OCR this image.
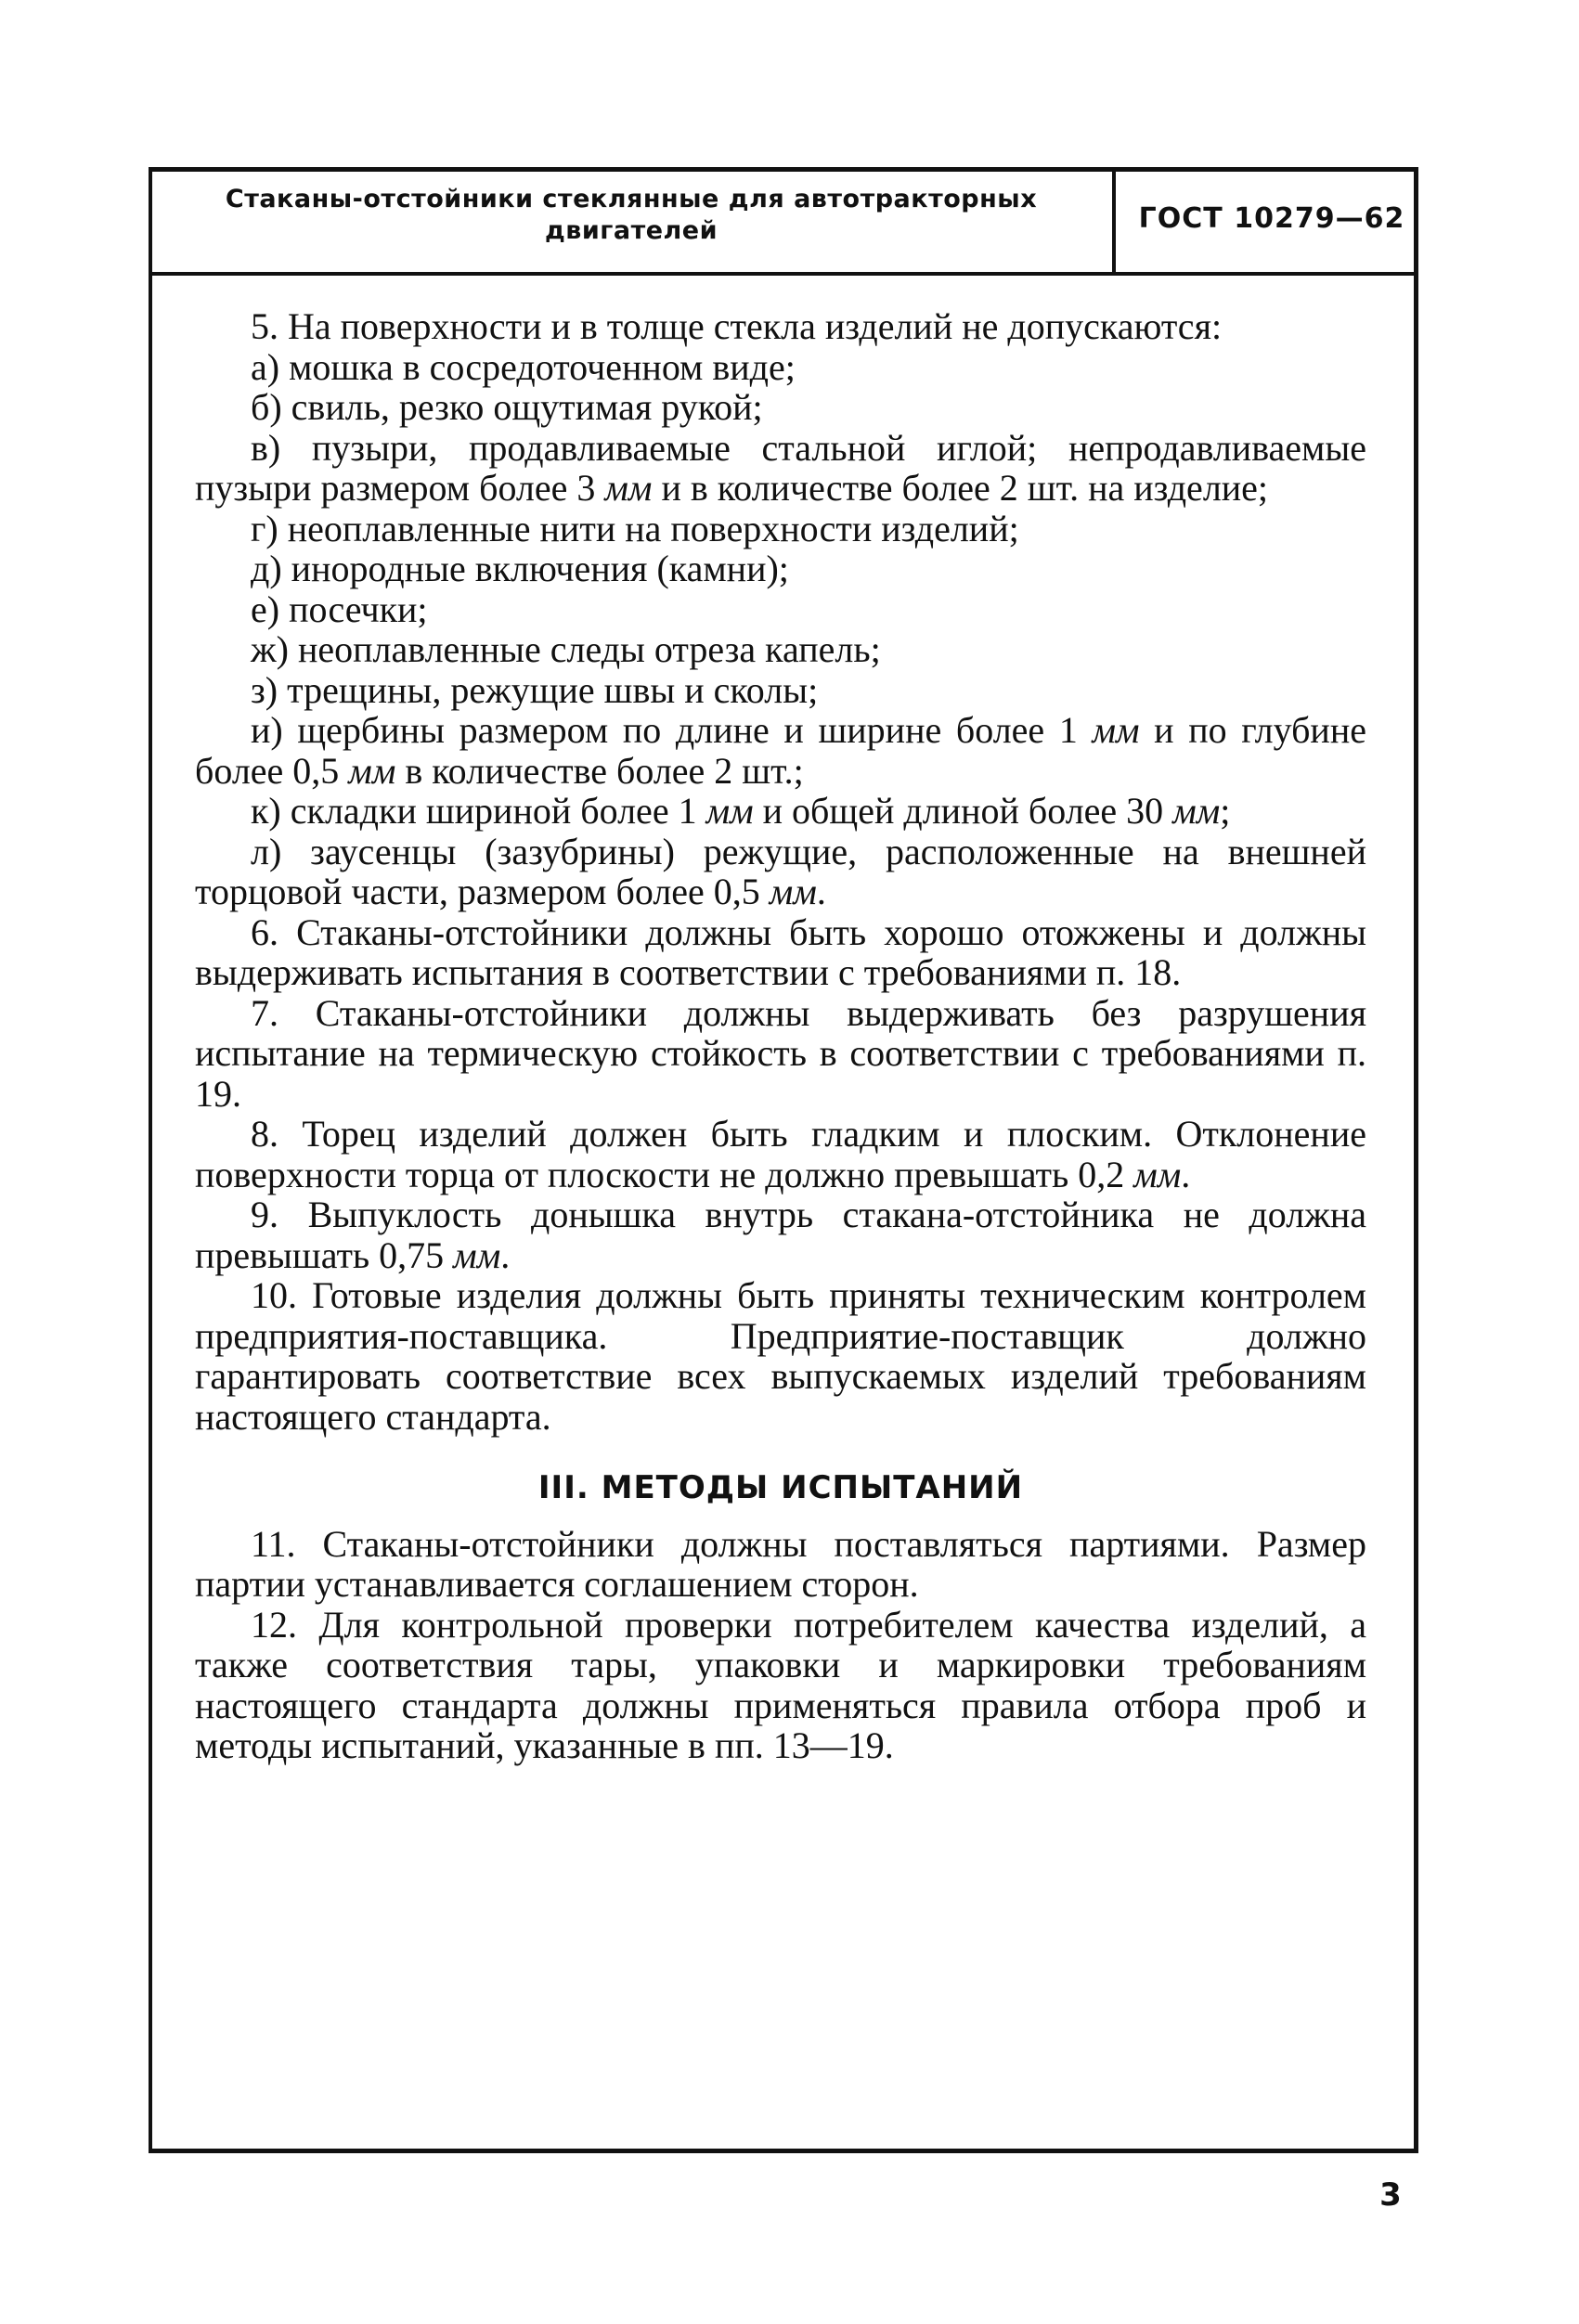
Стаканы-отстойники стеклянные для автотракторных двигателей	ГОСТ 10279—62

5. На поверхности и в толще стекла изделий не допускаются:

а) мошка в сосредоточенном виде;

б) свиль, резко ощутимая рукой;

в) пузыри, продавливаемые стальной иглой; непродавливаемые пузыри размером более 3 мм и в количестве более 2 шт. на изделие;

г) неоплавленные нити на поверхности изделий;

д) инородные включения (камни);

е) посечки;

ж) неоплавленные следы отреза капель;

з) трещины, режущие швы и сколы;

и) щербины размером по длине и ширине более 1 мм и по глубине более 0,5 мм в количестве более 2 шт.;

к) складки шириной более 1 мм и общей длиной более 30 мм;

л) заусенцы (зазубрины) режущие, расположенные на внешней торцовой части, размером более 0,5 мм.

6. Стаканы-отстойники должны быть хорошо отожжены и должны выдерживать испытания в соответствии с требованиями п. 18.

7. Стаканы-отстойники должны выдерживать без разрушения испытание на термическую стойкость в соответствии с требованиями п. 19.

8. Торец изделий должен быть гладким и плоским. Отклонение поверхности торца от плоскости не должно превышать 0,2 мм.

9. Выпуклость донышка внутрь стакана-отстойника не должна превышать 0,75 мм.

10. Готовые изделия должны быть приняты техническим контролем предприятия-поставщика. Предприятие-поставщик должно гарантировать соответствие всех выпускаемых изделий требованиям настоящего стандарта.

III. МЕТОДЫ ИСПЫТАНИЙ

11. Стаканы-отстойники должны поставляться партиями. Размер партии устанавливается соглашением сторон.

12. Для контрольной проверки потребителем качества изделий, а также соответствия тары, упаковки и маркировки требованиям настоящего стандарта должны применяться правила отбора проб и методы испытаний, указанные в пп. 13—19.

3
